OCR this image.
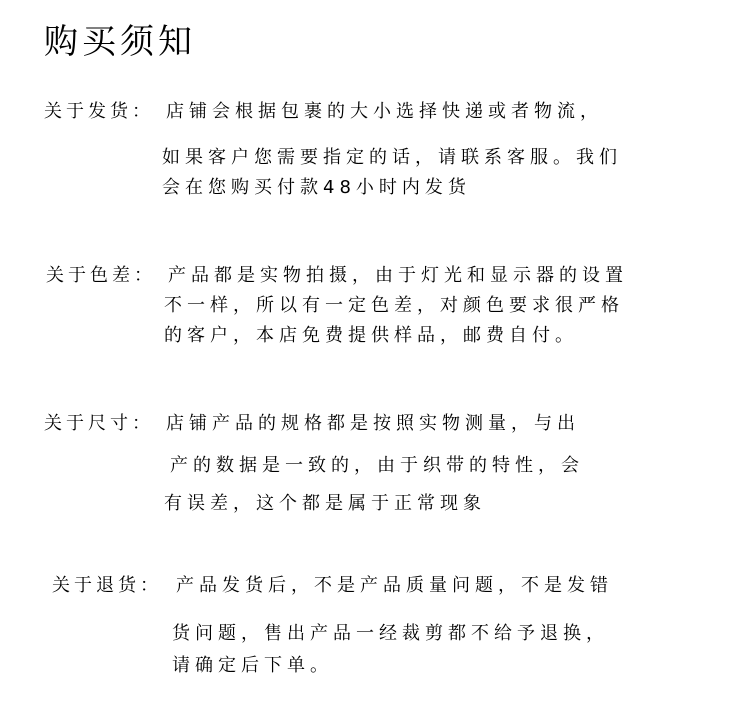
购买须知
关于发货： 店铺会根据包裹的大小选择快递或者物流，
如果客户您需要指定的话，请联系客服。我们
会在您购买付款48小时内发货
关于色差： 产品都是实物拍摄，由于灯光和显示器的设置
不一样，所以有一定色差，对颜色要求很严格
的客户，本店免费提供样品，邮费自付。
关于尺寸： 店铺产品的规格都是按照实物测量，与出
产的数据是一致的，由于织带的特性，会
有误差，这个都是属于正常现象
关于退货： 产品发货后，不是产品质量问题，不是发错
货问题，售出产品一经裁剪都不给予退换，
请确定后下单。
